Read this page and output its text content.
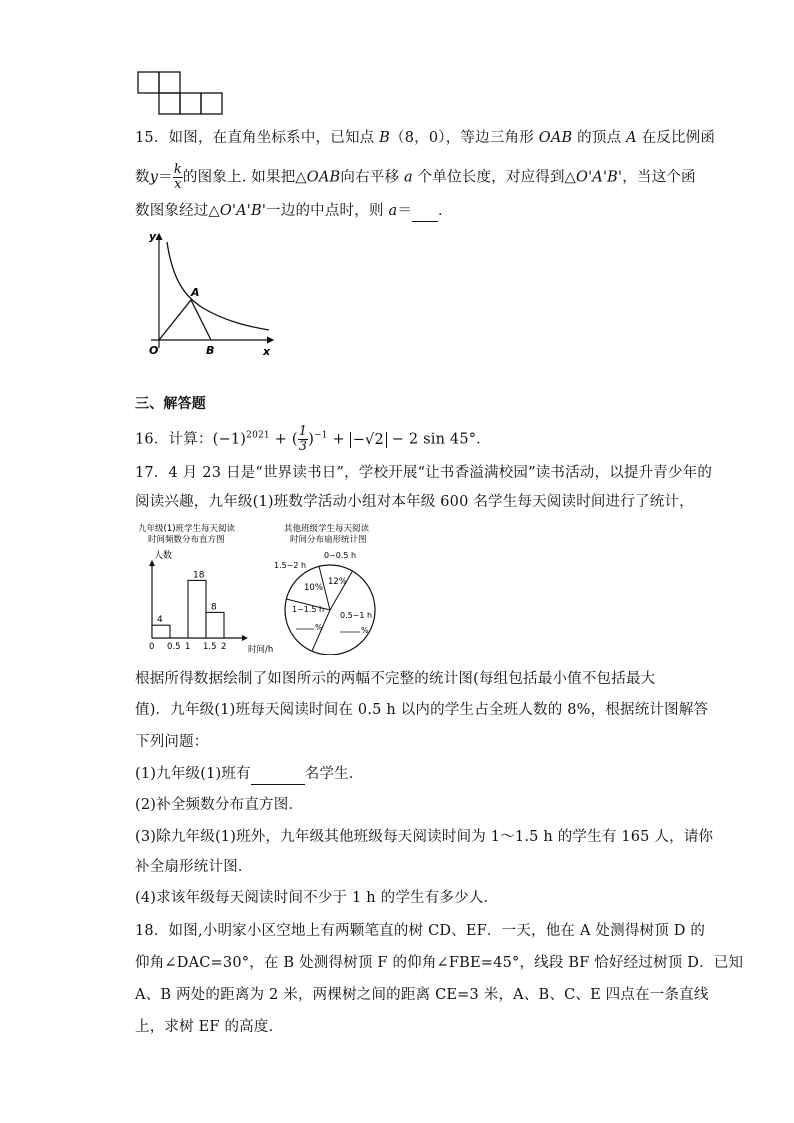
15．如图，在直角坐标系中，已知点 B（8，0），等边三角形 OAB 的顶点 A 在反比例函
数$y= \frac{k}{x}$ 的图象上. 如果把△OAB向右平移 a 个单位长度，对应得到△O'A'B'，当这个函
数图象经过△O'A'B'一边的中点时，则 a＝ ．
y
x
O
A
B
三、解答题
16．计算：$(-1)^{2021}$ + ( $\frac{1}{3} )^{-1} + -√2 - 2$ sin 45°．
17．4 月 23 日是“世界读书日”，学校开展“让书香溢满校园”读书活动，以提升青少年的
阅读兴趣，九年级(1)班数学活动小组对本年级 600 名学生每天阅读时间进行了统计，
九年级(1)班学生每天阅读
时间频数分布直方图
人数
时间/h
0 0.5 1 1.5 2
4
18
8
其他班级学生每天阅读
时间分布扇形统计图
0~0.5 h
12%
1.5~2 h
10%
1~1.5 h
%
0.5~1 h
%
根据所得数据绘制了如图所示的两幅不完整的统计图(每组包括最小值不包括最大
值)．九年级(1)班每天阅读时间在 0.5 h 以内的学生占全班人数的 8%，根据统计图解答
下列问题：
(1)九年级(1)班有	名学生．
(2)补全频数分布直方图．
(3)除九年级(1)班外，九年级其他班级每天阅读时间为 1～1.5 h 的学生有 165 人，请你
补全扇形统计图．
(4)求该年级每天阅读时间不少于 1 h 的学生有多少人．
18．如图,小明家小区空地上有两颗笔直的树 CD、EF．一天，他在 A 处测得树顶 D 的
仰角∠DAC=30°，在 B 处测得树顶 F 的仰角∠FBE=45°，线段 BF 恰好经过树顶 D．已知
A、B 两处的距离为 2 米，两棵树之间的距离 CE=3 米，A、B、C、E 四点在一条直线
上，求树 EF 的高度．
